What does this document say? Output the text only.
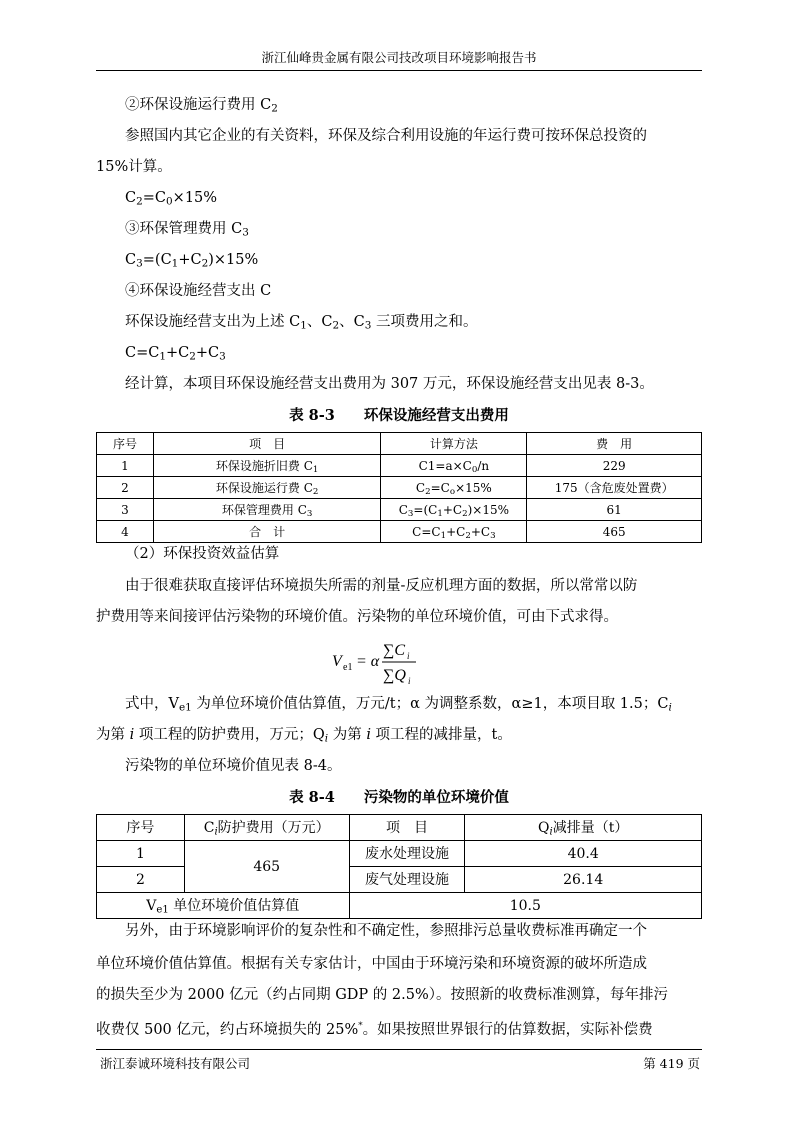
浙江仙峰贵金属有限公司技改项目环境影响报告书

②环保设施运行费用 $C_2$

参照国内其它企业的有关资料，环保及综合利用设施的年运行费可按环保总投资的

15%计算。

$C_2=C_0\times 15\%$

③环保管理费用 $C_3$

$C_3=(C_1+C_2)\times 15\%$

④环保设施经营支出 C

环保设施经营支出为上述 $C_1$、$C_2$、$C_3$ 三项费用之和。

$C=C_1+C_2+C_3$

经计算，本项目环保设施经营支出费用为 307 万元，环保设施经营支出见表 8-3。

表 8-3　　环保设施经营支出费用
序号	项　目	计算方法	费　用
1	环保设施折旧费 $C_1$	$C1=a\times C_0/n$	229
2	环保设施运行费 $C_2$	$C_2=C_o\times 15\%$	175（含危废处置费）
3	环保管理费用 $C_3$	$C_3=(C_1+C_2)\times 15\%$	61
4	合　计	$C=C_1+C_2+C_3$	465

（2）环保投资效益估算

由于很难获取直接评估环境损失所需的剂量-反应机理方面的数据，所以常常以防

护费用等来间接评估污染物的环境价值。污染物的单位环境价值，可由下式求得。

V e1 = α
∑C i
∑Q i

式中，$V_{e1}$ 为单位环境价值估算值，万元/t；α 为调整系数，α≥1，本项目取 1.5；$C_i$

为第 i 项工程的防护费用，万元；$Q_i$ 为第 i 项工程的减排量，t。

污染物的单位环境价值见表 8-4。

表 8-4　　污染物的单位环境价值
序号	$C_i$防护费用（万元）	项　目	$Q_i$减排量（t）
1	465	废水处理设施	40.4
2		废气处理设施	26.14
$V_{e1}$ 单位环境价值估算值		10.5	

另外，由于环境影响评价的复杂性和不确定性，参照排污总量收费标准再确定一个

单位环境价值估算值。根据有关专家估计，中国由于环境污染和环境资源的破坏所造成

的损失至少为 2000 亿元（约占同期 GDP 的 2.5%）。按照新的收费标准测算，每年排污

收费仅 500 亿元，约占环境损失的 25%*。如果按照世界银行的估算数据，实际补偿费

浙江泰诚环境科技有限公司	第 419 页
